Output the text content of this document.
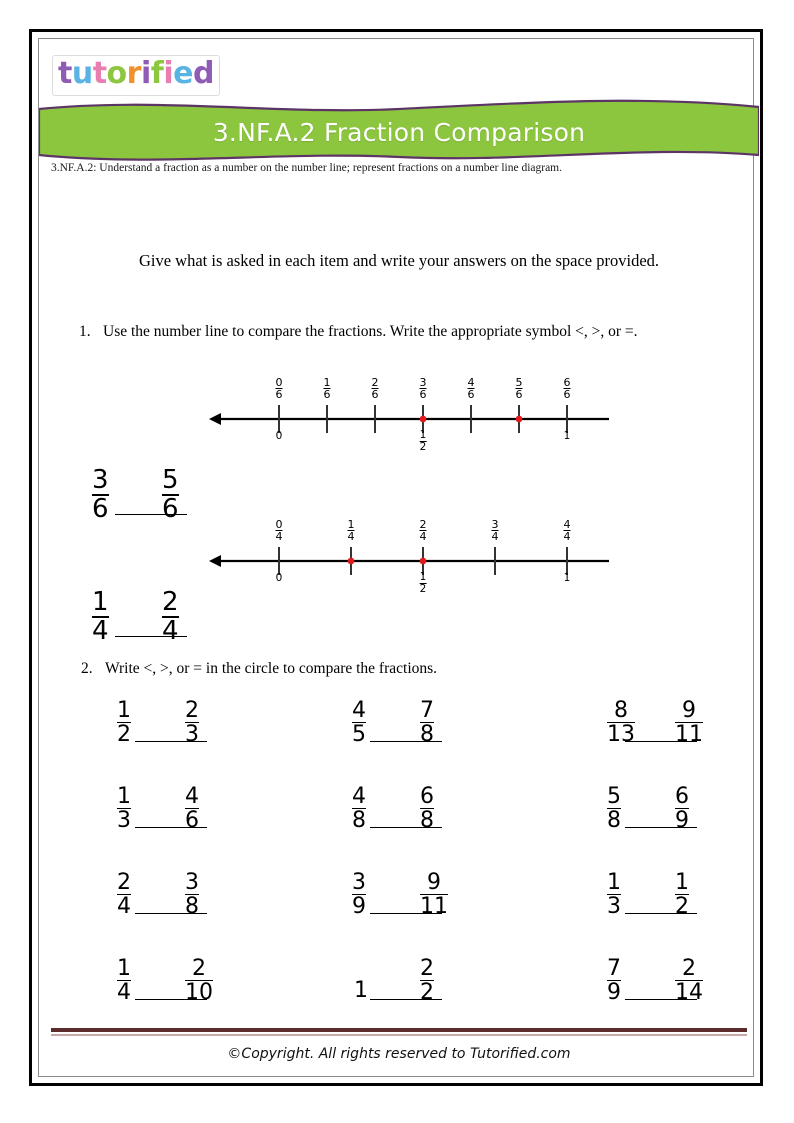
tutorified
3.NF.A.2 Fraction Comparison
3.NF.A.2: Understand a fraction as a number on the number line; represent fractions on a number line diagram.
Give what is asked in each item and write your answers on the space provided.
1. Use the number line to compare the fractions. Write the appropriate symbol <, >, or =.
$\frac{0}{6}$	$\frac{1}{6}$	$\frac{2}{6}$	$\frac{3}{6}$	$\frac{4}{6}$	$\frac{5}{6}$	$\frac{6}{6}$
0	$\frac{1}{2}$	1
$\frac{3}{6} \frac{5}{6}$
$\frac{0}{4}$	$\frac{1}{4}$	$\frac{2}{4}$	$\frac{3}{4}$	$\frac{4}{4}$
0	$\frac{1}{2}$	1
$\frac{1}{4} \frac{2}{4}$
2. Write <, >, or = in the circle to compare the fractions.
$\frac{1}{2} \frac{2}{3}$	$\frac{4}{5} \frac{7}{8}$	$\frac{8}{13} \frac{9}{11}$
$\frac{1}{3} \frac{4}{6}$	$\frac{4}{8} \frac{6}{8}$	$\frac{5}{8} \frac{6}{9}$
$\frac{2}{4} \frac{3}{8}$	$\frac{3}{9} \frac{9}{11}$	$\frac{1}{3} \frac{1}{2}$
$\frac{1}{4} \frac{2}{10}$	$1 \frac{2}{2}$	$\frac{7}{9} \frac{2}{14}$
©Copyright. All rights reserved to Tutorified.com
